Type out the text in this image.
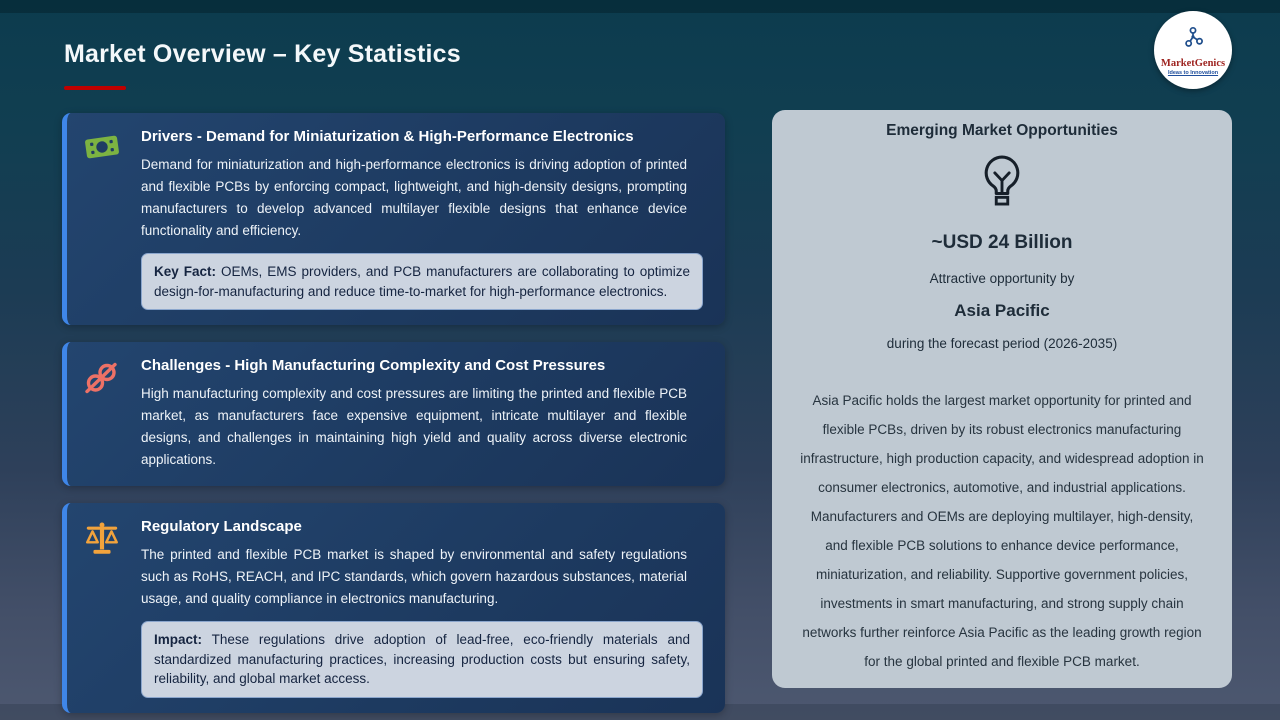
Market Overview – Key Statistics	MarketGenics
Ideas to Innovation
Drivers - Demand for Miniaturization & High-Performance Electronics
Demand for miniaturization and high-performance electronics is driving adoption of printed and flexible PCBs by enforcing compact, lightweight, and high-density designs, prompting manufacturers to develop advanced multilayer flexible designs that enhance device functionality and efficiency.
Key Fact: OEMs, EMS providers, and PCB manufacturers are collaborating to optimize design-for-manufacturing and reduce time-to-market for high-performance electronics.
Challenges - High Manufacturing Complexity and Cost Pressures
High manufacturing complexity and cost pressures are limiting the printed and flexible PCB market, as manufacturers face expensive equipment, intricate multilayer and flexible designs, and challenges in maintaining high yield and quality across diverse electronic applications.
Regulatory Landscape
The printed and flexible PCB market is shaped by environmental and safety regulations such as RoHS, REACH, and IPC standards, which govern hazardous substances, material usage, and quality compliance in electronics manufacturing.
Impact: These regulations drive adoption of lead-free, eco-friendly materials and standardized manufacturing practices, increasing production costs but ensuring safety, reliability, and global market access.
Emerging Market Opportunities
~USD 24 Billion
Attractive opportunity by
Asia Pacific
during the forecast period (2026-2035)
Asia Pacific holds the largest market opportunity for printed and flexible PCBs, driven by its robust electronics manufacturing infrastructure, high production capacity, and widespread adoption in consumer electronics, automotive, and industrial applications. Manufacturers and OEMs are deploying multilayer, high-density, and flexible PCB solutions to enhance device performance, miniaturization, and reliability. Supportive government policies, investments in smart manufacturing, and strong supply chain networks further reinforce Asia Pacific as the leading growth region for the global printed and flexible PCB market.
